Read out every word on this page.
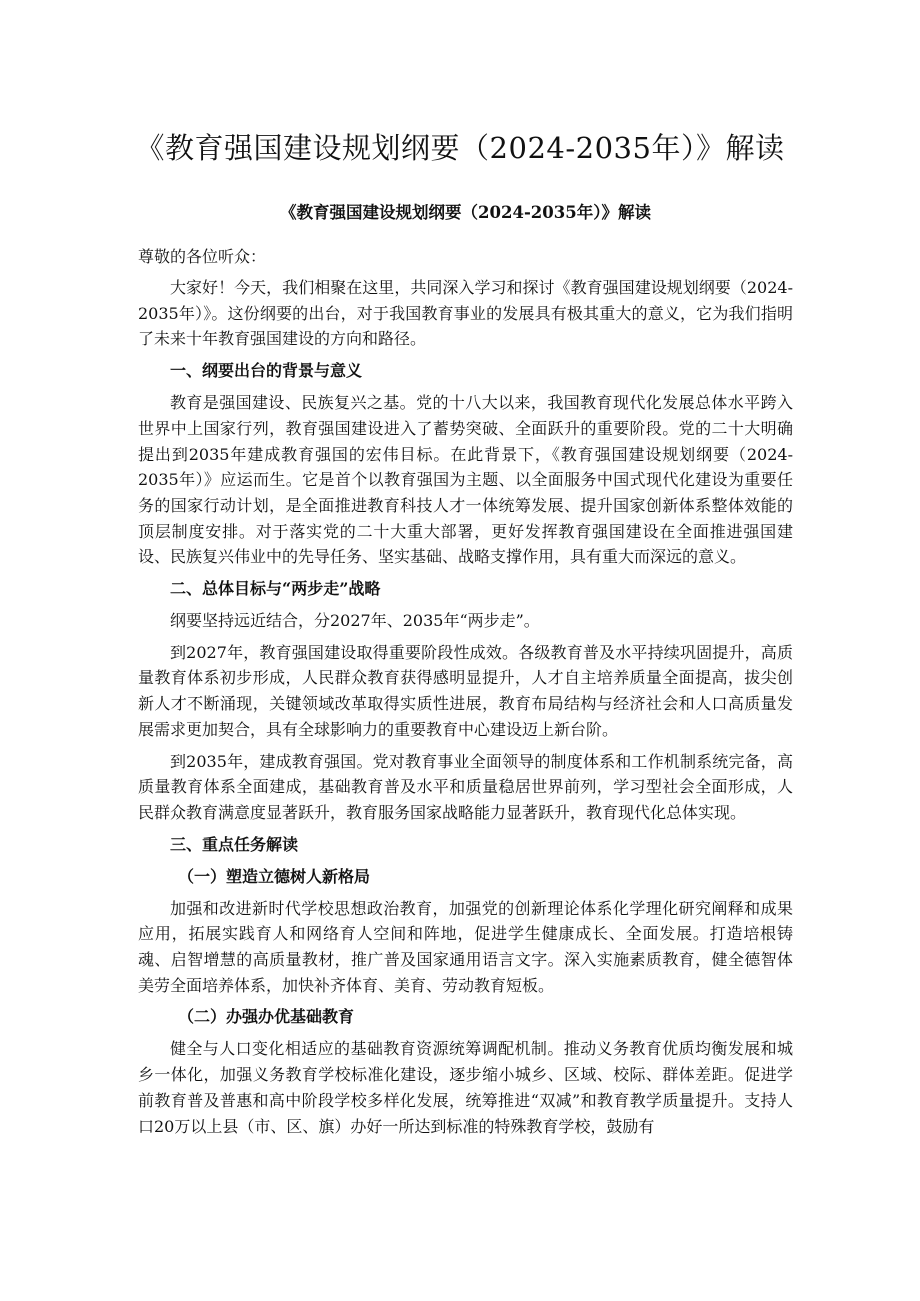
《教育强国建设规划纲要（2024-2035年）》解读

《教育强国建设规划纲要（2024-2035年）》解读

尊敬的各位听众：

大家好！今天，我们相聚在这里，共同深入学习和探讨《教育强国建设规划纲要（2024-2035年）》。这份纲要的出台，对于我国教育事业的发展具有极其重大的意义，它为我们指明了未来十年教育强国建设的方向和路径。

一、纲要出台的背景与意义

教育是强国建设、民族复兴之基。党的十八大以来，我国教育现代化发展总体水平跨入世界中上国家行列，教育强国建设进入了蓄势突破、全面跃升的重要阶段。党的二十大明确提出到2035年建成教育强国的宏伟目标。在此背景下，《教育强国建设规划纲要（2024-2035年）》应运而生。它是首个以教育强国为主题、以全面服务中国式现代化建设为重要任务的国家行动计划，是全面推进教育科技人才一体统筹发展、提升国家创新体系整体效能的顶层制度安排。对于落实党的二十大重大部署，更好发挥教育强国建设在全面推进强国建设、民族复兴伟业中的先导任务、坚实基础、战略支撑作用，具有重大而深远的意义。

二、总体目标与“两步走”战略

纲要坚持远近结合，分2027年、2035年“两步走”。

到2027年，教育强国建设取得重要阶段性成效。各级教育普及水平持续巩固提升，高质量教育体系初步形成，人民群众教育获得感明显提升，人才自主培养质量全面提高，拔尖创新人才不断涌现，关键领域改革取得实质性进展，教育布局结构与经济社会和人口高质量发展需求更加契合，具有全球影响力的重要教育中心建设迈上新台阶。

到2035年，建成教育强国。党对教育事业全面领导的制度体系和工作机制系统完备，高质量教育体系全面建成，基础教育普及水平和质量稳居世界前列，学习型社会全面形成，人民群众教育满意度显著跃升，教育服务国家战略能力显著跃升，教育现代化总体实现。

三、重点任务解读

（一）塑造立德树人新格局

加强和改进新时代学校思想政治教育，加强党的创新理论体系化学理化研究阐释和成果应用，拓展实践育人和网络育人空间和阵地，促进学生健康成长、全面发展。打造培根铸魂、启智增慧的高质量教材，推广普及国家通用语言文字。深入实施素质教育，健全德智体美劳全面培养体系，加快补齐体育、美育、劳动教育短板。

（二）办强办优基础教育

健全与人口变化相适应的基础教育资源统筹调配机制。推动义务教育优质均衡发展和城乡一体化，加强义务教育学校标准化建设，逐步缩小城乡、区域、校际、群体差距。促进学前教育普及普惠和高中阶段学校多样化发展，统筹推进“双减”和教育教学质量提升。支持人口20万以上县（市、区、旗）办好一所达到标准的特殊教育学校，鼓励有
